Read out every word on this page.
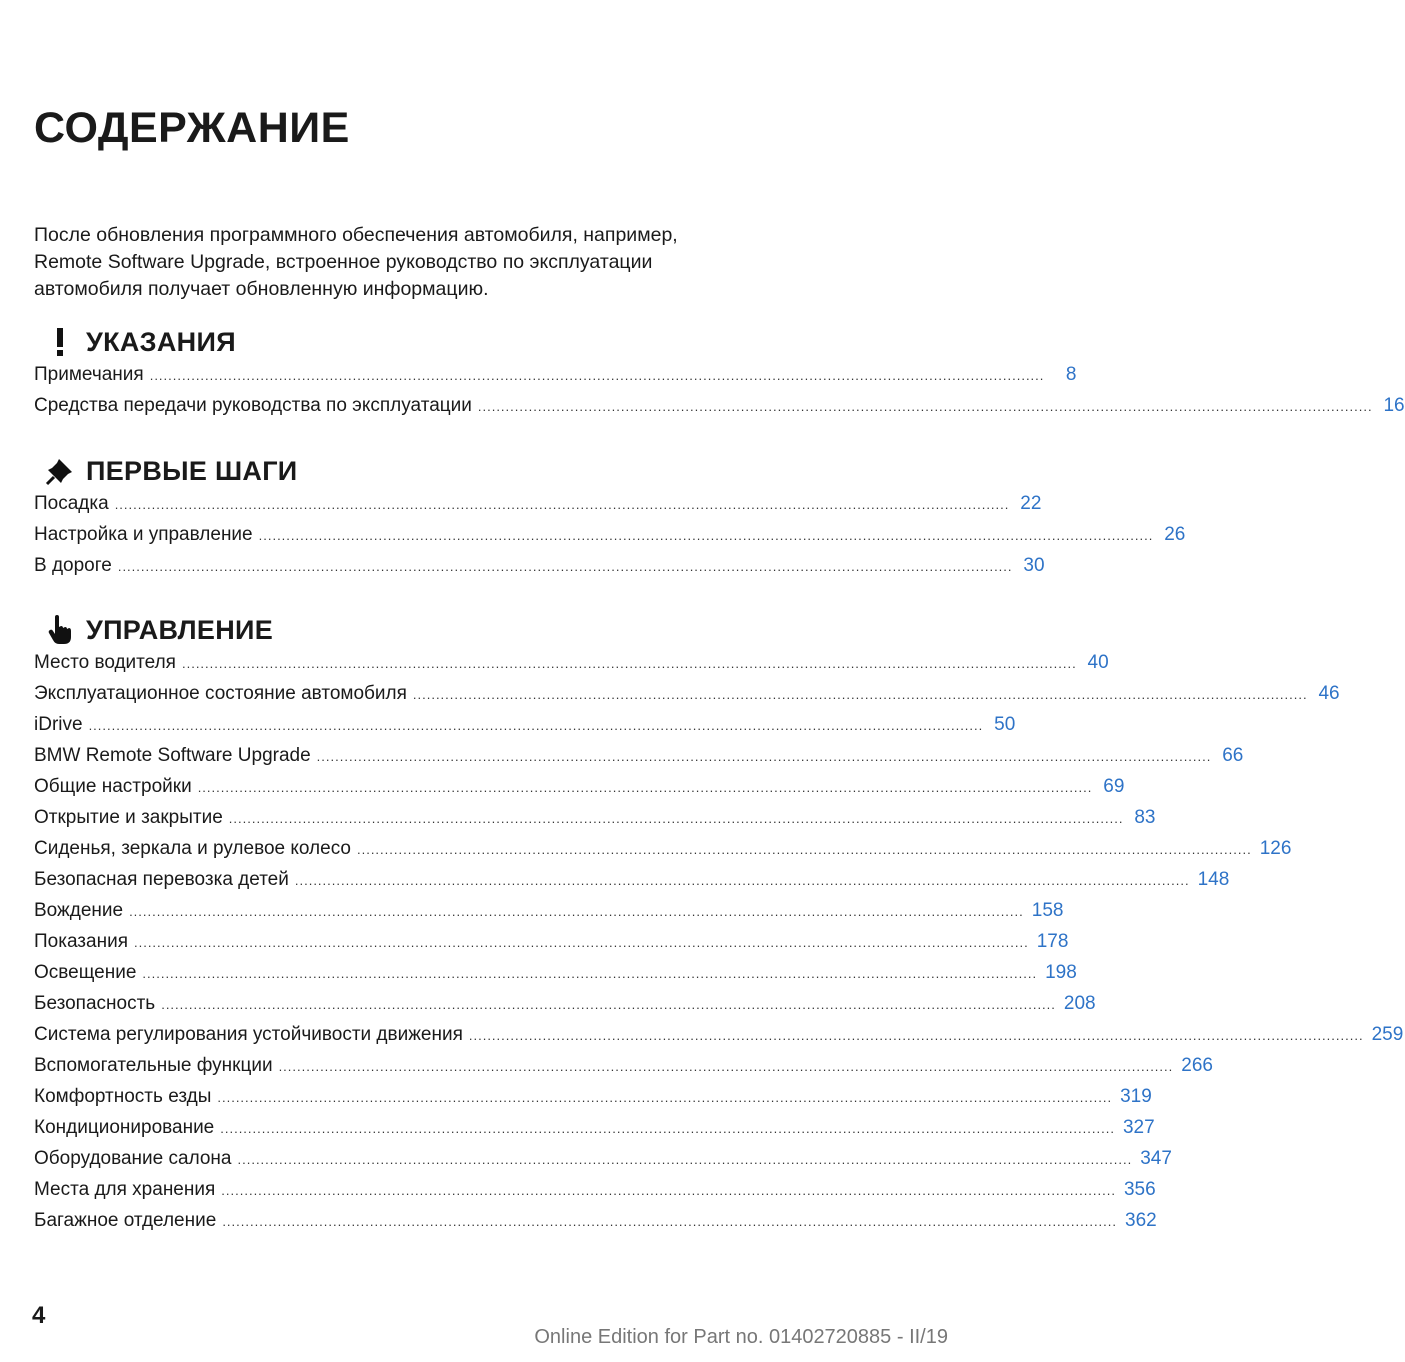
СОДЕРЖАНИЕ
После обновления программного обеспечения автомобиля, например,
Remote Software Upgrade, встроенное руководство по эксплуатации
автомобиля получает обновленную информацию.
УКАЗАНИЯ
Примечания ..................................................................................................................................................................................................	8
Средства передачи руководства по эксплуатации .................................................................................................................................................................................................. 16
ПЕРВЫЕ ШАГИ
Посадка .................................................................................................................................................................................................. 22
Настройка и управление .................................................................................................................................................................................................. 26
В дороге .................................................................................................................................................................................................. 30
УПРАВЛЕНИЕ
Место водителя .................................................................................................................................................................................................. 40
Эксплуатационное состояние автомобиля .................................................................................................................................................................................................. 46
iDrive .................................................................................................................................................................................................. 50
BMW Remote Software Upgrade .................................................................................................................................................................................................. 66
Общие настройки .................................................................................................................................................................................................. 69
Открытие и закрытие .................................................................................................................................................................................................. 83
Сиденья, зеркала и рулевое колесо .................................................................................................................................................................................................. 126
Безопасная перевозка детей .................................................................................................................................................................................................. 148
Вождение .................................................................................................................................................................................................. 158
Показания .................................................................................................................................................................................................. 178
Освещение .................................................................................................................................................................................................. 198
Безопасность .................................................................................................................................................................................................. 208
Система регулирования устойчивости движения .................................................................................................................................................................................................. 259
Вспомогательные функции .................................................................................................................................................................................................. 266
Комфортность езды .................................................................................................................................................................................................. 319
Кондиционирование .................................................................................................................................................................................................. 327
Оборудование салона .................................................................................................................................................................................................. 347
Места для хранения .................................................................................................................................................................................................. 356
Багажное отделение .................................................................................................................................................................................................. 362
4
Online Edition for Part no. 01402720885 - II/19
